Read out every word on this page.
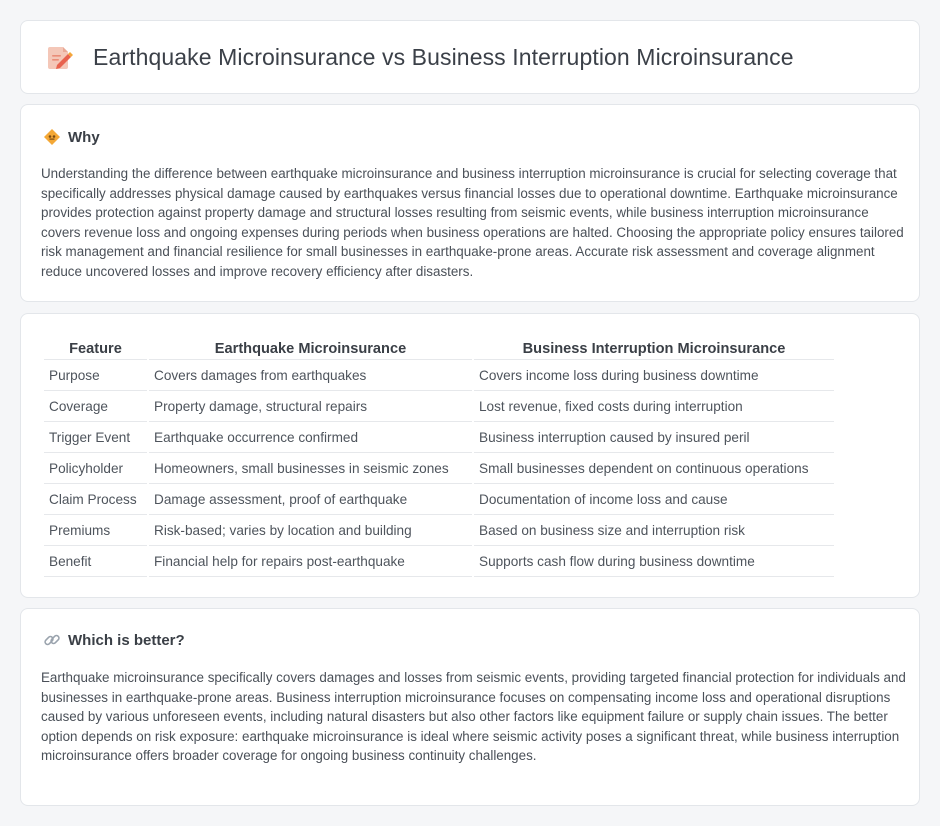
Earthquake Microinsurance vs Business Interruption Microinsurance
Why

Understanding the difference between earthquake microinsurance and business interruption microinsurance is crucial for selecting coverage that specifically addresses physical damage caused by earthquakes versus financial losses due to operational downtime. Earthquake microinsurance provides protection against property damage and structural losses resulting from seismic events, while business interruption microinsurance covers revenue loss and ongoing expenses during periods when business operations are halted. Choosing the appropriate policy ensures tailored risk management and financial resilience for small businesses in earthquake-prone areas. Accurate risk assessment and coverage alignment reduce uncovered losses and improve recovery efficiency after disasters.

Feature	Earthquake Microinsurance	Business Interruption Microinsurance
Purpose	Covers damages from earthquakes	Covers income loss during business downtime
Coverage	Property damage, structural repairs	Lost revenue, fixed costs during interruption
Trigger Event	Earthquake occurrence confirmed	Business interruption caused by insured peril
Policyholder	Homeowners, small businesses in seismic zones	Small businesses dependent on continuous operations
Claim Process	Damage assessment, proof of earthquake	Documentation of income loss and cause
Premiums	Risk-based; varies by location and building	Based on business size and interruption risk
Benefit	Financial help for repairs post-earthquake	Supports cash flow during business downtime
Which is better?

Earthquake microinsurance specifically covers damages and losses from seismic events, providing targeted financial protection for individuals and businesses in earthquake-prone areas. Business interruption microinsurance focuses on compensating income loss and operational disruptions caused by various unforeseen events, including natural disasters but also other factors like equipment failure or supply chain issues. The better option depends on risk exposure: earthquake microinsurance is ideal where seismic activity poses a significant threat, while business interruption microinsurance offers broader coverage for ongoing business continuity challenges.
